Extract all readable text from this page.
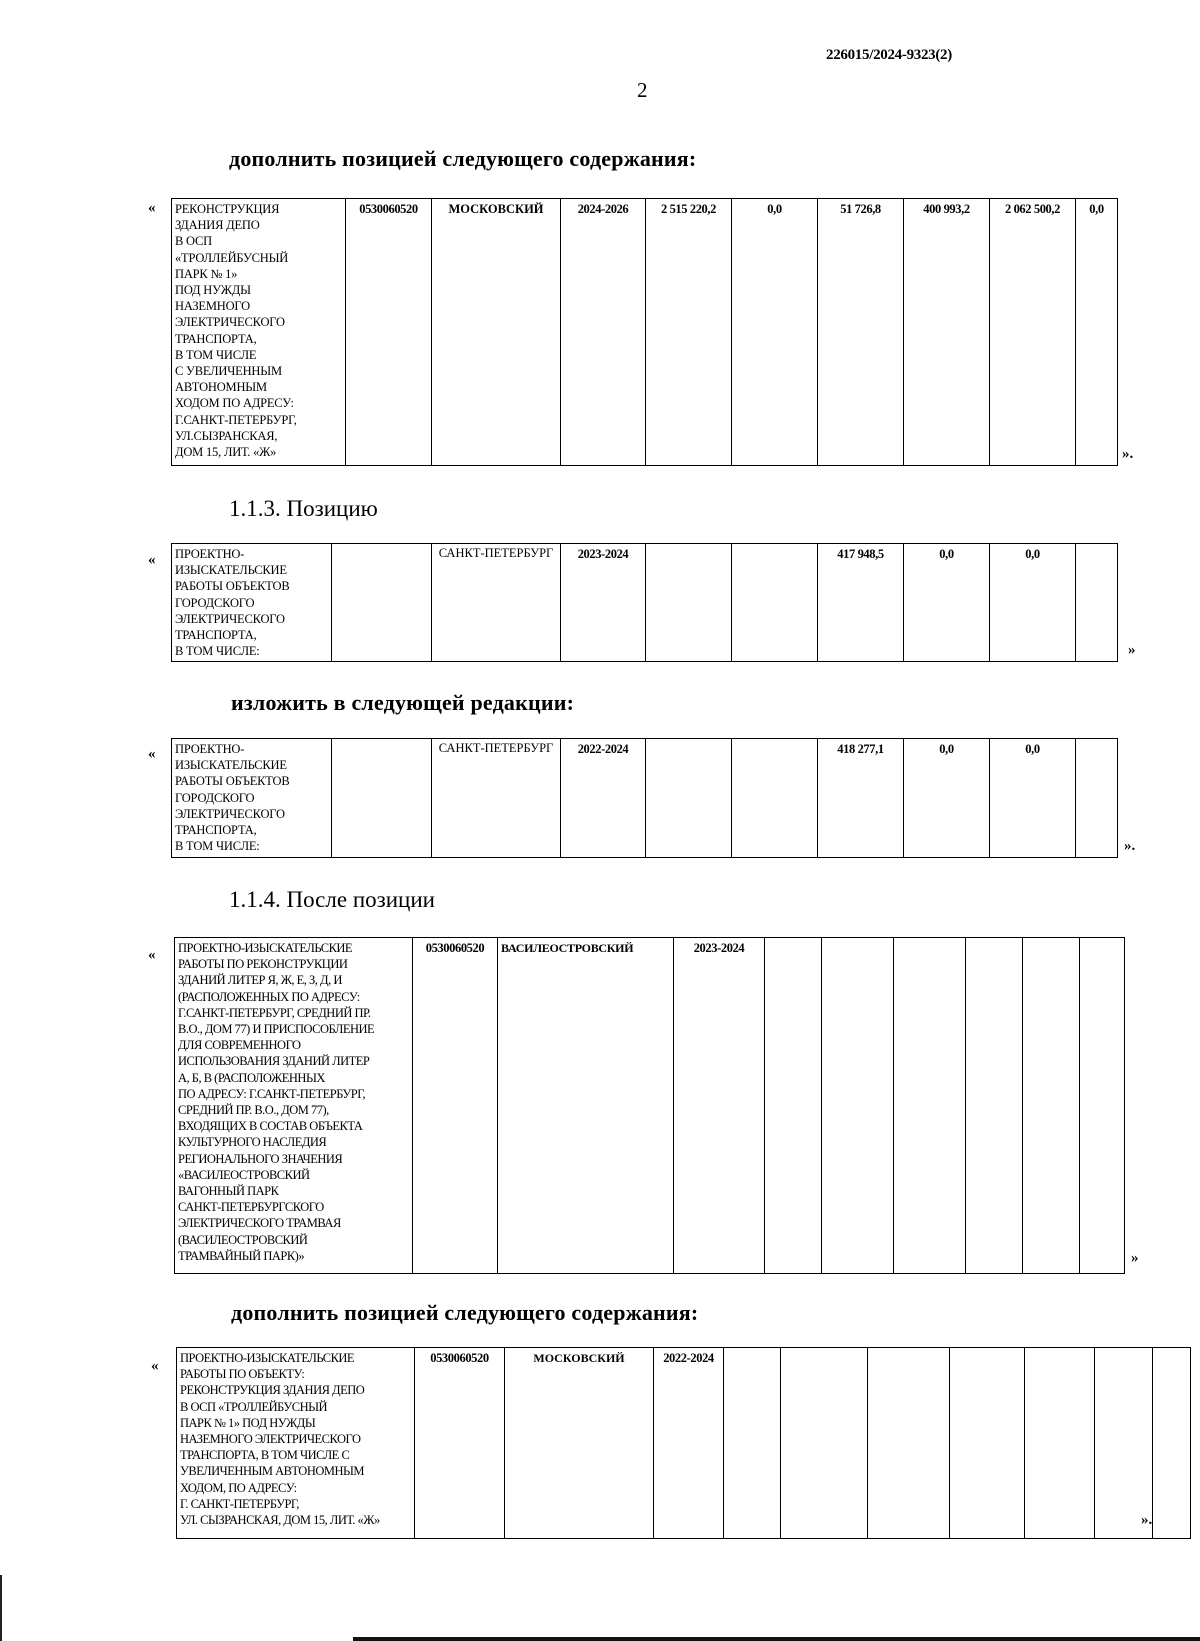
226015/2024-9323(2)
2
дополнить позицией следующего содержания:
« РЕКОНСТРУКЦИЯ
ЗДАНИЯ ДЕПО
В ОСП
«ТРОЛЛЕЙБУСНЫЙ
ПАРК № 1»
ПОД НУЖДЫ
НАЗЕМНОГО
ЭЛЕКТРИЧЕСКОГО
ТРАНСПОРТА,
В ТОМ ЧИСЛЕ
С УВЕЛИЧЕННЫМ
АВТОНОМНЫМ
ХОДОМ ПО АДРЕСУ:
Г.САНКТ-ПЕТЕРБУРГ,
УЛ.СЫЗРАНСКАЯ,
ДОМ 15, ЛИТ. «Ж»
	0530060520	МОСКОВСКИЙ	2024-2026	2 515 220,2	0,0	51 726,8	400 993,2	2 062 500,2	0,0
».
1.1.3. Позицию
« ПРОЕКТНО-
ИЗЫСКАТЕЛЬСКИЕ
РАБОТЫ ОБЪЕКТОВ
ГОРОДСКОГО
ЭЛЕКТРИЧЕСКОГО
ТРАНСПОРТА,
В ТОМ ЧИСЛЕ:
		САНКТ-ПЕТЕРБУРГ	2023-2024			417 948,5	0,0	0,0	
»
изложить в следующей редакции:
« ПРОЕКТНО-
ИЗЫСКАТЕЛЬСКИЕ
РАБОТЫ ОБЪЕКТОВ
ГОРОДСКОГО
ЭЛЕКТРИЧЕСКОГО
ТРАНСПОРТА,
В ТОМ ЧИСЛЕ:
		САНКТ-ПЕТЕРБУРГ	2022-2024			418 277,1	0,0	0,0	
».
1.1.4. После позиции
« ПРОЕКТНО-ИЗЫСКАТЕЛЬСКИЕ
РАБОТЫ ПО РЕКОНСТРУКЦИИ
ЗДАНИЙ ЛИТЕР Я, Ж, Е, З, Д, И
(РАСПОЛОЖЕННЫХ ПО АДРЕСУ:
Г.САНКТ-ПЕТЕРБУРГ, СРЕДНИЙ ПР.
В.О., ДОМ 77) И ПРИСПОСОБЛЕНИЕ
ДЛЯ СОВРЕМЕННОГО
ИСПОЛЬЗОВАНИЯ ЗДАНИЙ ЛИТЕР
А, Б, В (РАСПОЛОЖЕННЫХ
ПО АДРЕСУ: Г.САНКТ-ПЕТЕРБУРГ,
СРЕДНИЙ ПР. В.О., ДОМ 77),
ВХОДЯЩИХ В СОСТАВ ОБЪЕКТА
КУЛЬТУРНОГО НАСЛЕДИЯ
РЕГИОНАЛЬНОГО ЗНАЧЕНИЯ
«ВАСИЛЕОСТРОВСКИЙ
ВАГОННЫЙ ПАРК
САНКТ-ПЕТЕРБУРГСКОГО
ЭЛЕКТРИЧЕСКОГО ТРАМВАЯ
(ВАСИЛЕОСТРОВСКИЙ
ТРАМВАЙНЫЙ ПАРК)»
	0530060520	ВАСИЛЕОСТРОВСКИЙ	2023-2024						
»
дополнить позицией следующего содержания:
« ПРОЕКТНО-ИЗЫСКАТЕЛЬСКИЕ
РАБОТЫ ПО ОБЪЕКТУ:
РЕКОНСТРУКЦИЯ ЗДАНИЯ ДЕПО
В ОСП «ТРОЛЛЕЙБУСНЫЙ
ПАРК № 1» ПОД НУЖДЫ
НАЗЕМНОГО ЭЛЕКТРИЧЕСКОГО
ТРАНСПОРТА, В ТОМ ЧИСЛЕ С
УВЕЛИЧЕННЫМ АВТОНОМНЫМ
ХОДОМ, ПО АДРЕСУ:
Г. САНКТ-ПЕТЕРБУРГ,
УЛ. СЫЗРАНСКАЯ, ДОМ 15, ЛИТ. «Ж»
	0530060520	МОСКОВСКИЙ	2022-2024							
».
